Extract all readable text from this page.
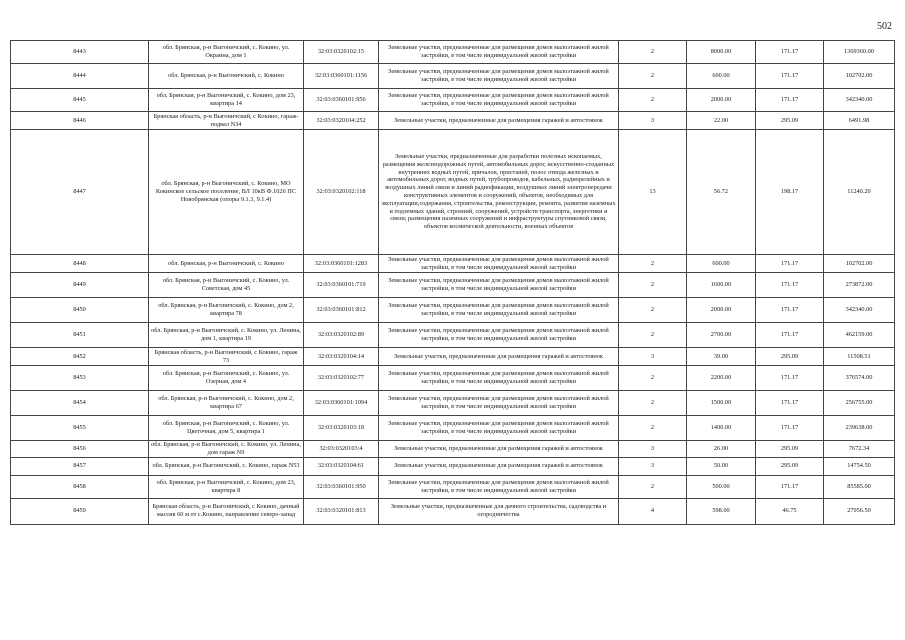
502
8443	обл. Брянская, р-н Выгоничский, с. Кокино, ул. Окраина, дом 1	32:03:0320102:15	Земельные участки, предназначенные для размещения домов малоэтажной жилой застройки, в том числе индивидуальной жилой застройки	2	8000.00	171.17	1369360.00
8444	обл. Брянская, р-н Выгоничский, с. Кокино	32:03:0360101:1156	Земельные участки, предназначенные для размещения домов малоэтажной жилой застройки, в том числе индивидуальной жилой застройки	2	600.00	171.17	102702.00
8445	обл. Брянская, р-н Выгоничский, с. Кокино, дом 23, квартира 14	32:03:0360101:956	Земельные участки, предназначенные для размещения домов малоэтажной жилой застройки, в том числе индивидуальной жилой застройки	2	2000.00	171.17	342340.00
8446	Брянская область, р-н Выгоничский, с Кокино, гараж-подвал N34	32:03:0320104:252	Земельные участки, предназначенные для размещения гаражей и автостоянок	3	22.00	295.09	6491.98
8447	обл. Брянская, р-н Выгоничский, с. Кокино, МО Кокинское сельское поселение, ВЛ 10кВ Ф.1026 ПС Новобрянская (опоры 9.1.3, 9.1.4)	32:03:0320102:118	Земельные участки, предназначенные для разработки полезных ископаемых, размещения железнодорожных путей, автомобильных дорог, искусственно-созданных внутренних водных путей, причалов, пристаней, полос отвода железных и автомобильных дорог, водных путей, трубопроводов, кабельных, радиорелейных и воздушных линий связи и линий радиофикации, воздушных линий электропередачи конструктивных элементов и сооружений, объектов, необходимых для эксплуатации,содержания, строительства, реконструкции, ремонта, развития наземных и подземных зданий, строений, сооружений, устройств транспорта, энергетики и связи; размещения наземных сооружений и инфраструктуры спутниковой связи, объектов космической деятельности, военных объектов	13	56.72	198.17	11240.20
8448	обл. Брянская, р-н Выгоничский, с. Кокино	32:03:0360101:1283	Земельные участки, предназначенные для размещения домов малоэтажной жилой застройки, в том числе индивидуальной жилой застройки	2	600.00	171.17	102702.00
8449	обл. Брянская, р-н Выгоничский, с. Кокино, ул. Советская, дом 45	32:03:0360101:719	Земельные участки, предназначенные для размещения домов малоэтажной жилой застройки, в том числе индивидуальной жилой застройки	2	1600.00	171.17	273872.00
8450	обл. Брянская, р-н Выгоничский, с. Кокино, дом 2, квартира 78	32:03:0360101:812	Земельные участки, предназначенные для размещения домов малоэтажной жилой застройки, в том числе индивидуальной жилой застройки	2	2000.00	171.17	342340.00
8451	обл. Брянская, р-н Выгоничский, с. Кокино, ул. Ленина, дом 1, квартира 19	32:03:0320102:89	Земельные участки, предназначенные для размещения домов малоэтажной жилой застройки, в том числе индивидуальной жилой застройки	2	2700.00	171.17	462159.00
8452	Брянская область, р-н Выгоничский, с Кокино, гараж 73	32:03:0320104:14	Земельные участки, предназначенные для размещения гаражей и автостоянок	3	39.00	295.09	11508.51
8453	обл. Брянская, р-н Выгоничский, с. Кокино, ул. Озерная, дом 4	32:03:0320102:77	Земельные участки, предназначенные для размещения домов малоэтажной жилой застройки, в том числе индивидуальной жилой застройки	2	2200.00	171.17	376574.00
8454	обл. Брянская, р-н Выгоничский, с. Кокино, дом 2, квартира 67	32:03:0360101:1094	Земельные участки, предназначенные для размещения домов малоэтажной жилой застройки, в том числе индивидуальной жилой застройки	2	1500.00	171.17	256755.00
8455	обл. Брянская, р-н Выгоничский, с. Кокино, ул. Цветочная, дом 5, квартира 1	32:03:0320103:18	Земельные участки, предназначенные для размещения домов малоэтажной жилой застройки, в том числе индивидуальной жилой застройки	2	1400.00	171.17	239638.00
8456	обл. Брянская, р-н Выгоничский, с. Кокино, ул. Ленина, дом гараж N9	32:03:0320103:4	Земельные участки, предназначенные для размещения гаражей и автостоянок	3	26.00	295.09	7672.34
8457	обл. Брянская, р-н Выгоничский, с. Кокино, гараж N53	32:03:0320104:61	Земельные участки, предназначенные для размещения гаражей и автостоянок	3	50.00	295.09	14754.50
8458	обл. Брянская, р-н Выгоничский, с. Кокино, дом 23, квартира 8	32:03:0360101:950	Земельные участки, предназначенные для размещения домов малоэтажной жилой застройки, в том числе индивидуальной жилой застройки	2	500.00	171.17	85585.00
8459	Брянская область, р-н Выгоничский, с Кокино, дачный массив 60 м от с.Кокино, направление северо-запад	32:03:0320101:813	Земельные участки, предназначенные для дачного строительства, садоводства и огородничества	4	598.00	46.75	27956.50
